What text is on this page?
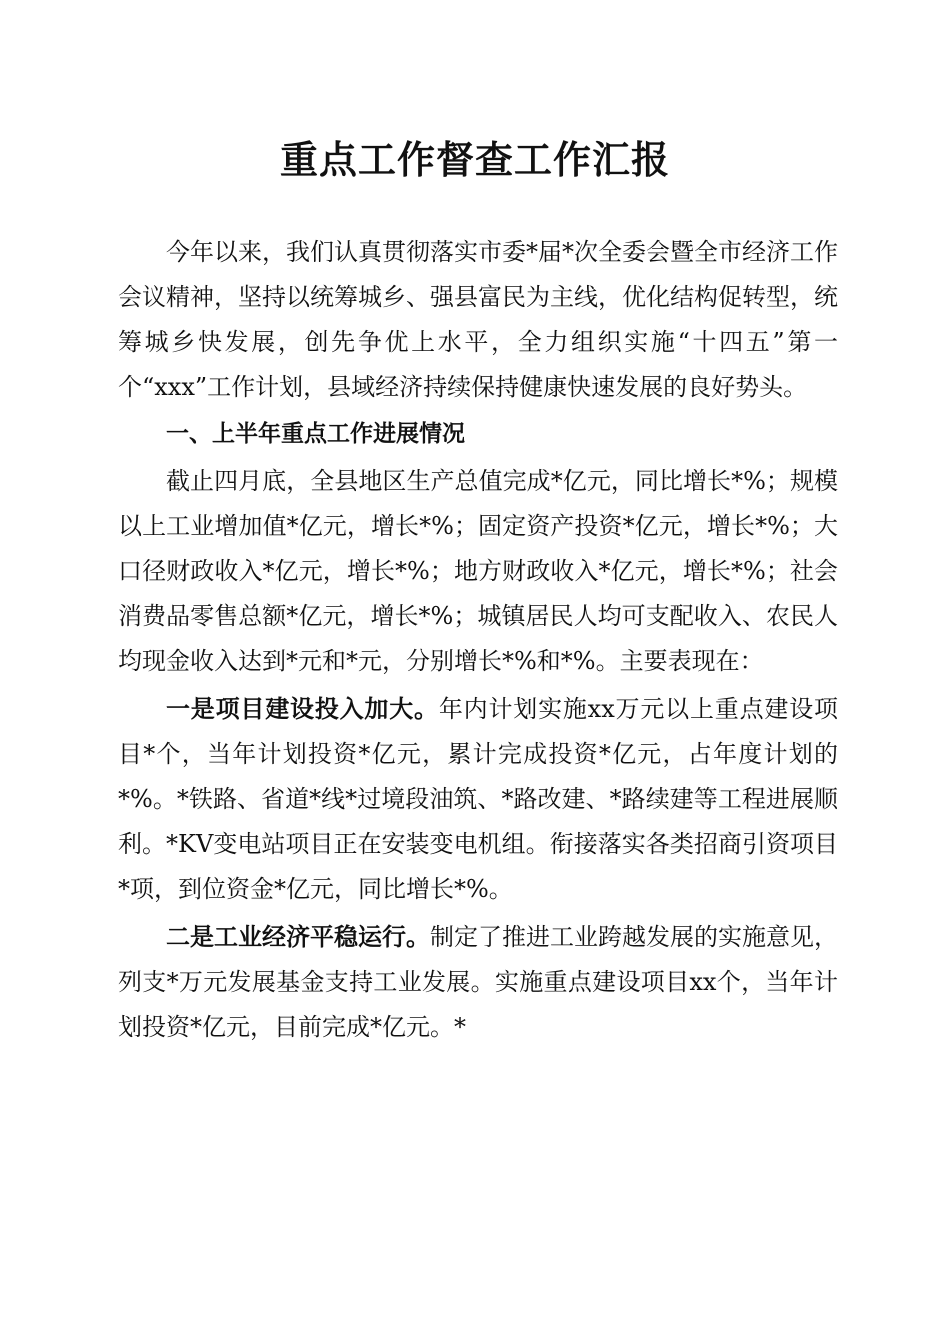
重点工作督查工作汇报

今年以来，我们认真贯彻落实市委*届*次全委会暨全市经济工作会议精神，坚持以统筹城乡、强县富民为主线，优化结构促转型，统筹城乡快发展，创先争优上水平，全力组织实施“十四五”第一个“xxx”工作计划，县域经济持续保持健康快速发展的良好势头。

一、上半年重点工作进展情况

截止四月底，全县地区生产总值完成*亿元，同比增长*%；规模以上工业增加值*亿元，增长*%；固定资产投资*亿元，增长*%；大口径财政收入*亿元，增长*%；地方财政收入*亿元，增长*%；社会消费品零售总额*亿元，增长*%；城镇居民人均可支配收入、农民人均现金收入达到*元和*元，分别增长*%和*%。主要表现在：

一是项目建设投入加大。年内计划实施xx万元以上重点建设项目*个，当年计划投资*亿元，累计完成投资*亿元，占年度计划的*%。*铁路、省道*线*过境段油筑、*路改建、*路续建等工程进展顺利。*KV变电站项目正在安装变电机组。衔接落实各类招商引资项目*项，到位资金*亿元，同比增长*%。

二是工业经济平稳运行。制定了推进工业跨越发展的实施意见，列支*万元发展基金支持工业发展。实施重点建设项目xx个，当年计划投资*亿元，目前完成*亿元。*
